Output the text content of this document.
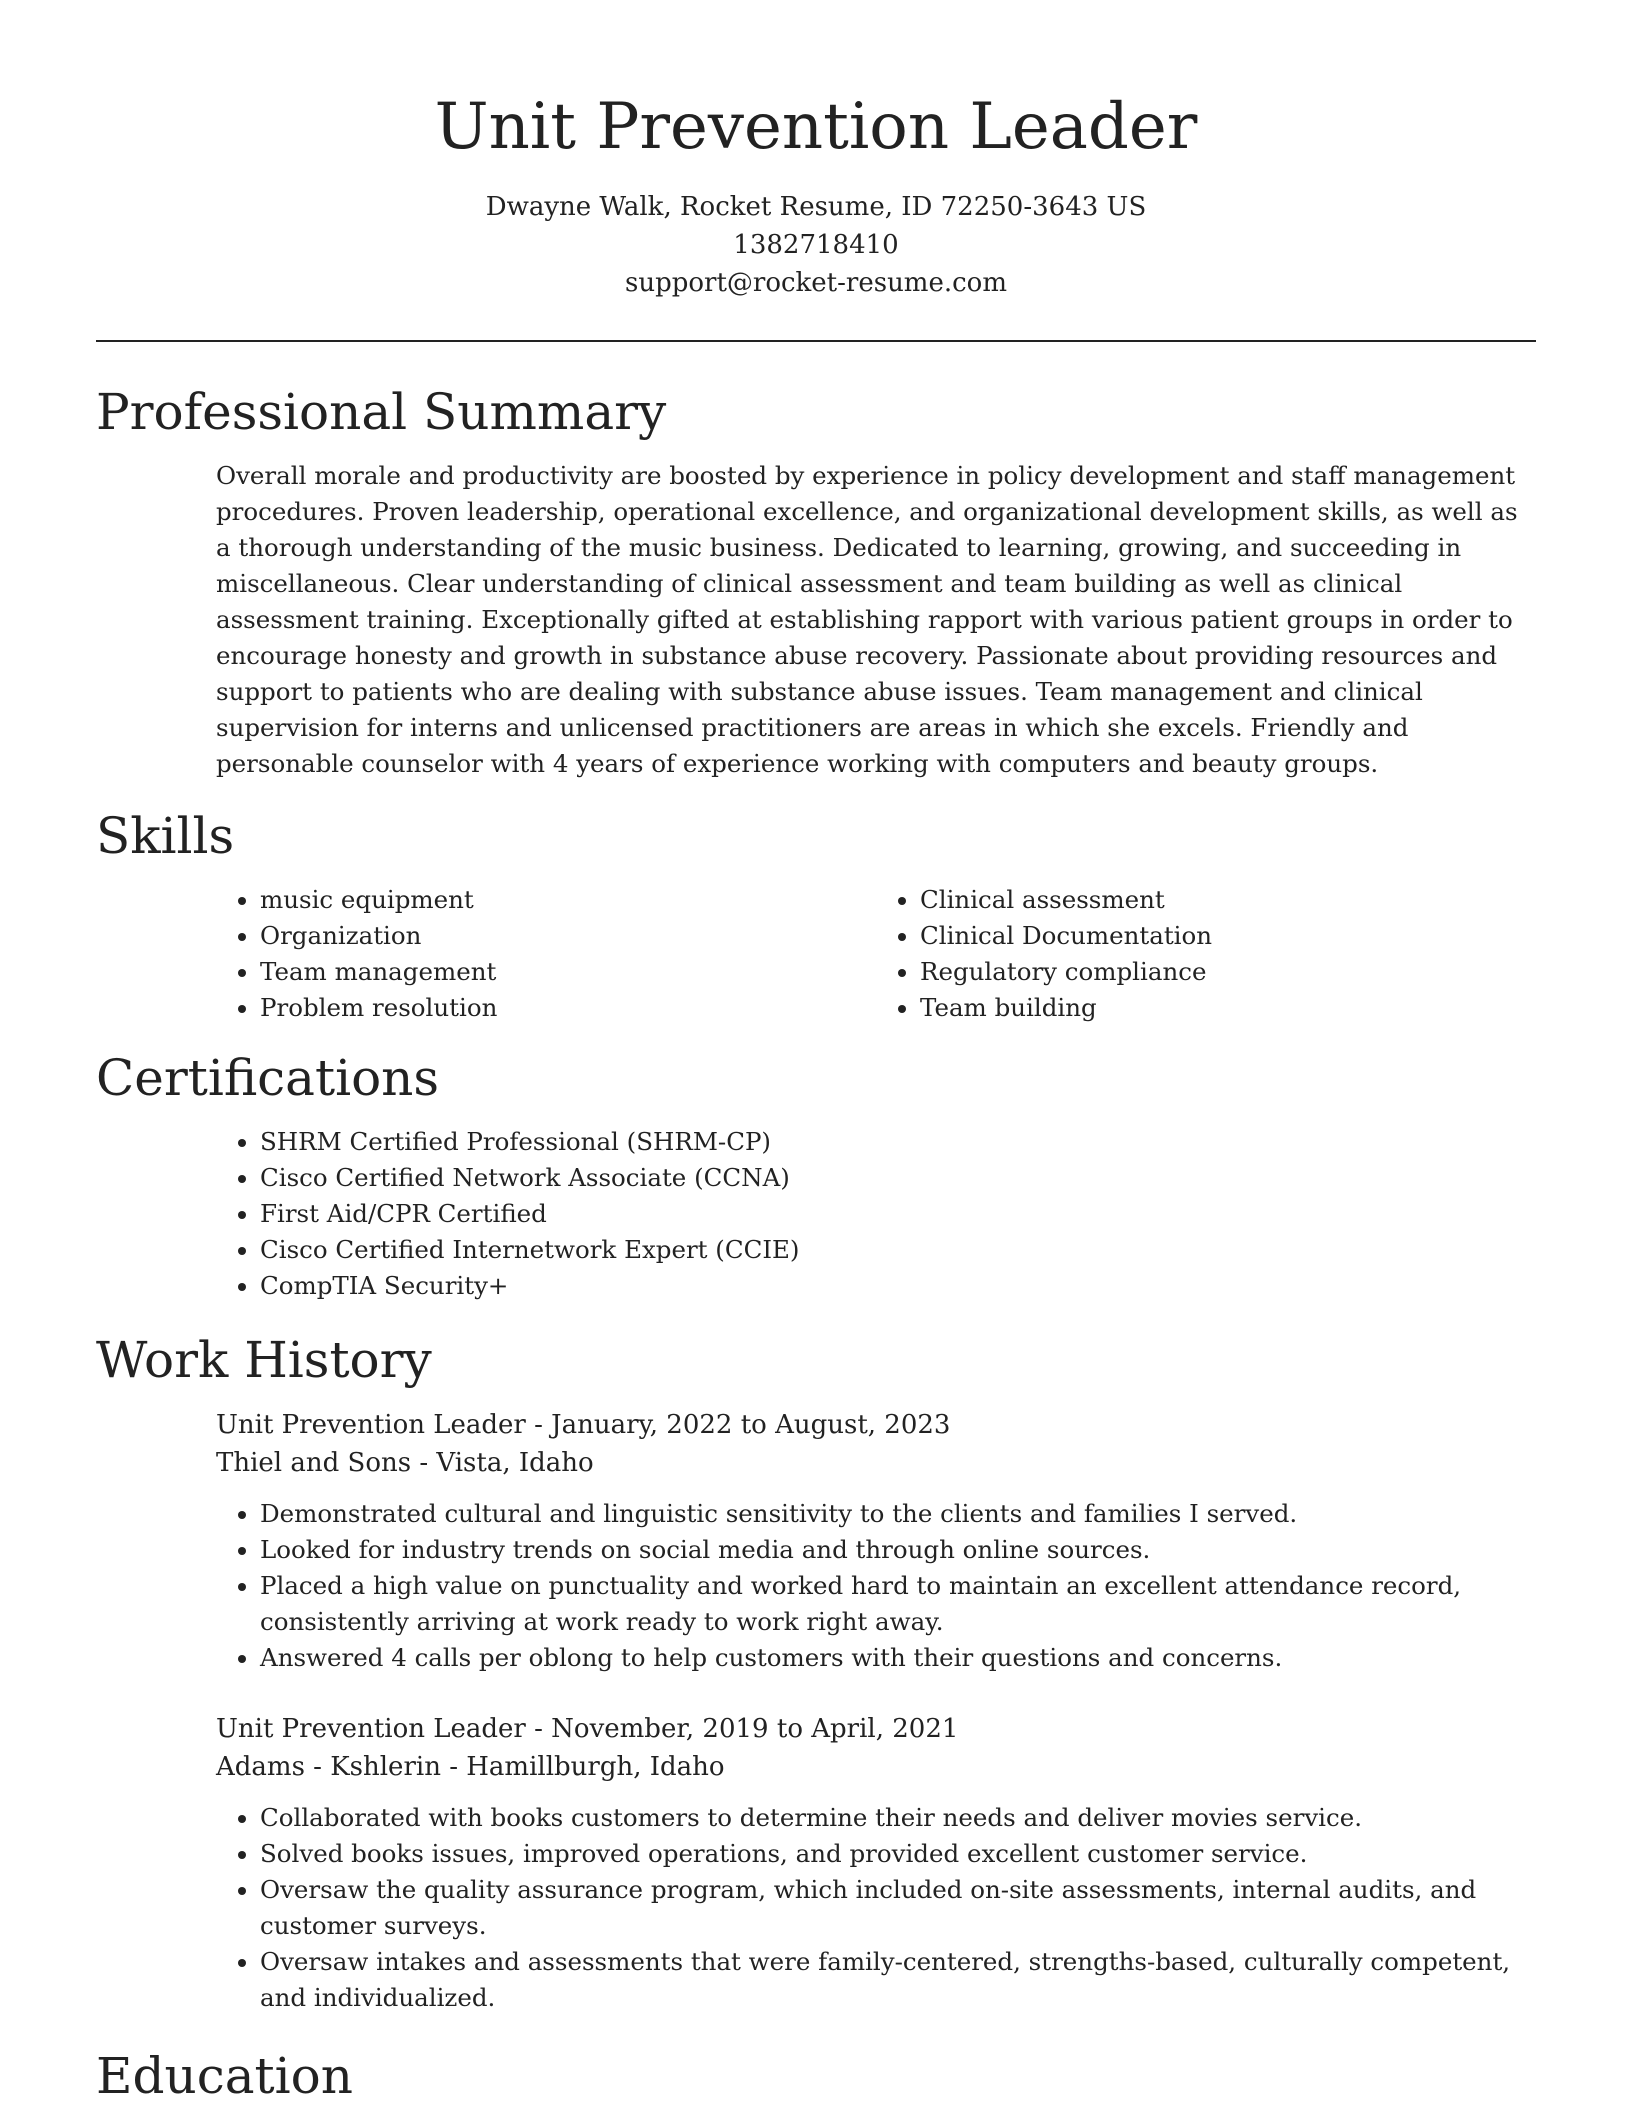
Unit Prevention Leader
Dwayne Walk, Rocket Resume, ID 72250-3643 US
1382718410
support@rocket-resume.com
Professional Summary

Overall morale and productivity are boosted by experience in policy development and staff management procedures. Proven leadership, operational excellence, and organizational development skills, as well as a thorough understanding of the music business. Dedicated to learning, growing, and succeeding in miscellaneous. Clear understanding of clinical assessment and team building as well as clinical assessment training. Exceptionally gifted at establishing rapport with various patient groups in order to encourage honesty and growth in substance abuse recovery. Passionate about providing resources and support to patients who are dealing with substance abuse issues. Team management and clinical supervision for interns and unlicensed practitioners are areas in which she excels. Friendly and personable counselor with 4 years of experience working with computers and beauty groups.

Skills
• music equipment
• Organization
• Team management
• Problem resolution
• Clinical assessment
• Clinical Documentation
• Regulatory compliance
• Team building
Certifications
• SHRM Certified Professional (SHRM-CP)
• Cisco Certified Network Associate (CCNA)
• First Aid/CPR Certified
• Cisco Certified Internetwork Expert (CCIE)
• CompTIA Security+
Work History

Unit Prevention Leader - January, 2022 to August, 2023

Thiel and Sons - Vista, Idaho

• Demonstrated cultural and linguistic sensitivity to the clients and families I served.
• Looked for industry trends on social media and through online sources.
• Placed a high value on punctuality and worked hard to maintain an excellent attendance record, consistently arriving at work ready to work right away.
• Answered 4 calls per oblong to help customers with their questions and concerns.

Unit Prevention Leader - November, 2019 to April, 2021

Adams - Kshlerin - Hamillburgh, Idaho

• Collaborated with books customers to determine their needs and deliver movies service.
• Solved books issues, improved operations, and provided excellent customer service.
• Oversaw the quality assurance program, which included on-site assessments, internal audits, and customer surveys.
• Oversaw intakes and assessments that were family-centered, strengths-based, culturally competent, and individualized.
Education
